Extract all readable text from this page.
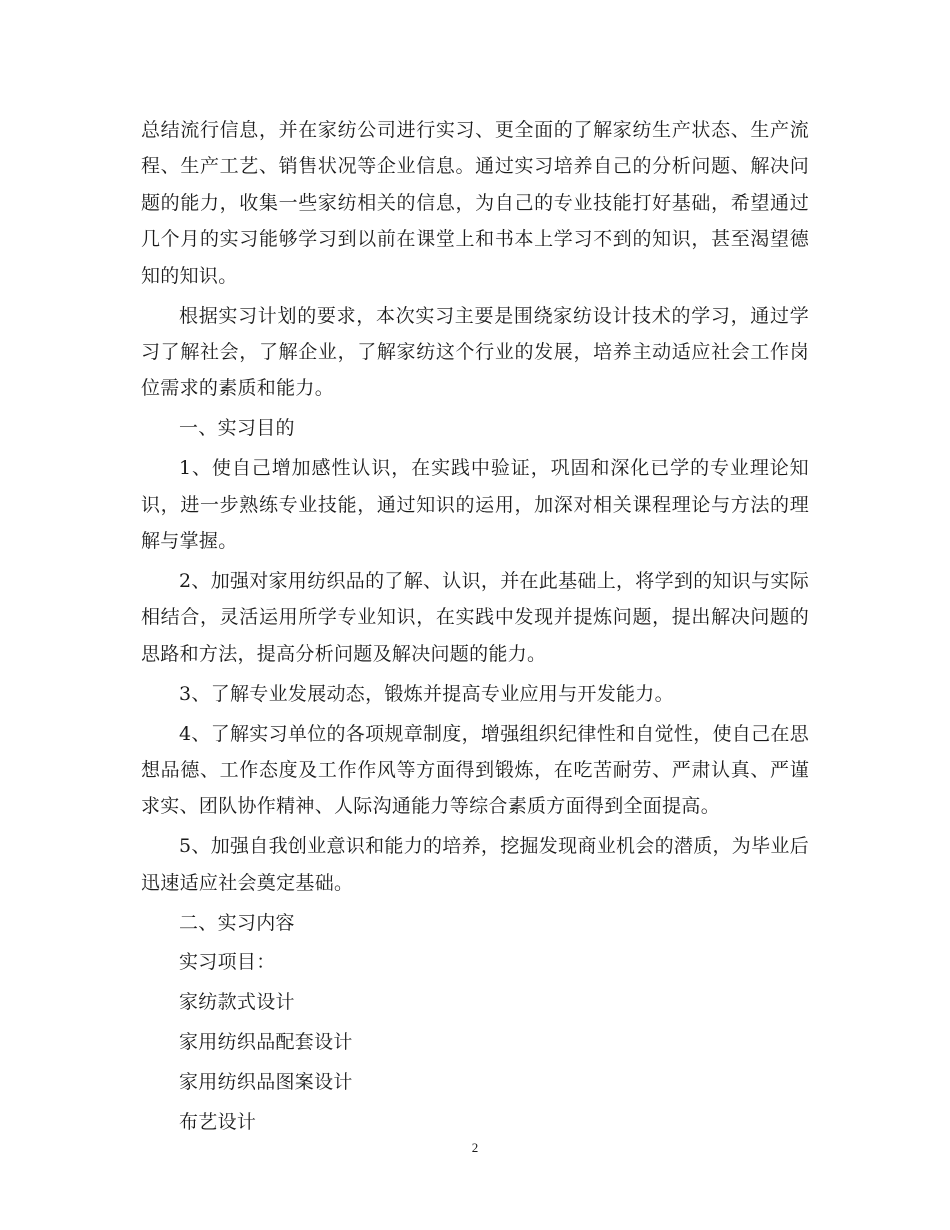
总结流行信息，并在家纺公司进行实习、更全面的了解家纺生产状态、生产流程、生产工艺、销售状况等企业信息。通过实习培养自己的分析问题、解决问题的能力，收集一些家纺相关的信息，为自己的专业技能打好基础，希望通过几个月的实习能够学习到以前在课堂上和书本上学习不到的知识，甚至渴望德知的知识。

根据实习计划的要求，本次实习主要是围绕家纺设计技术的学习，通过学习了解社会，了解企业，了解家纺这个行业的发展，培养主动适应社会工作岗位需求的素质和能力。

一、实习目的

1、使自己增加感性认识，在实践中验证，巩固和深化已学的专业理论知识，进一步熟练专业技能，通过知识的运用，加深对相关课程理论与方法的理解与掌握。

2、加强对家用纺织品的了解、认识，并在此基础上，将学到的知识与实际相结合，灵活运用所学专业知识，在实践中发现并提炼问题，提出解决问题的思路和方法，提高分析问题及解决问题的能力。

3、了解专业发展动态，锻炼并提高专业应用与开发能力。

4、了解实习单位的各项规章制度，增强组织纪律性和自觉性，使自己在思想品德、工作态度及工作作风等方面得到锻炼，在吃苦耐劳、严肃认真、严谨求实、团队协作精神、人际沟通能力等综合素质方面得到全面提高。

5、加强自我创业意识和能力的培养，挖掘发现商业机会的潜质，为毕业后迅速适应社会奠定基础。

二、实习内容

实习项目：

家纺款式设计

家用纺织品配套设计

家用纺织品图案设计

布艺设计

2
